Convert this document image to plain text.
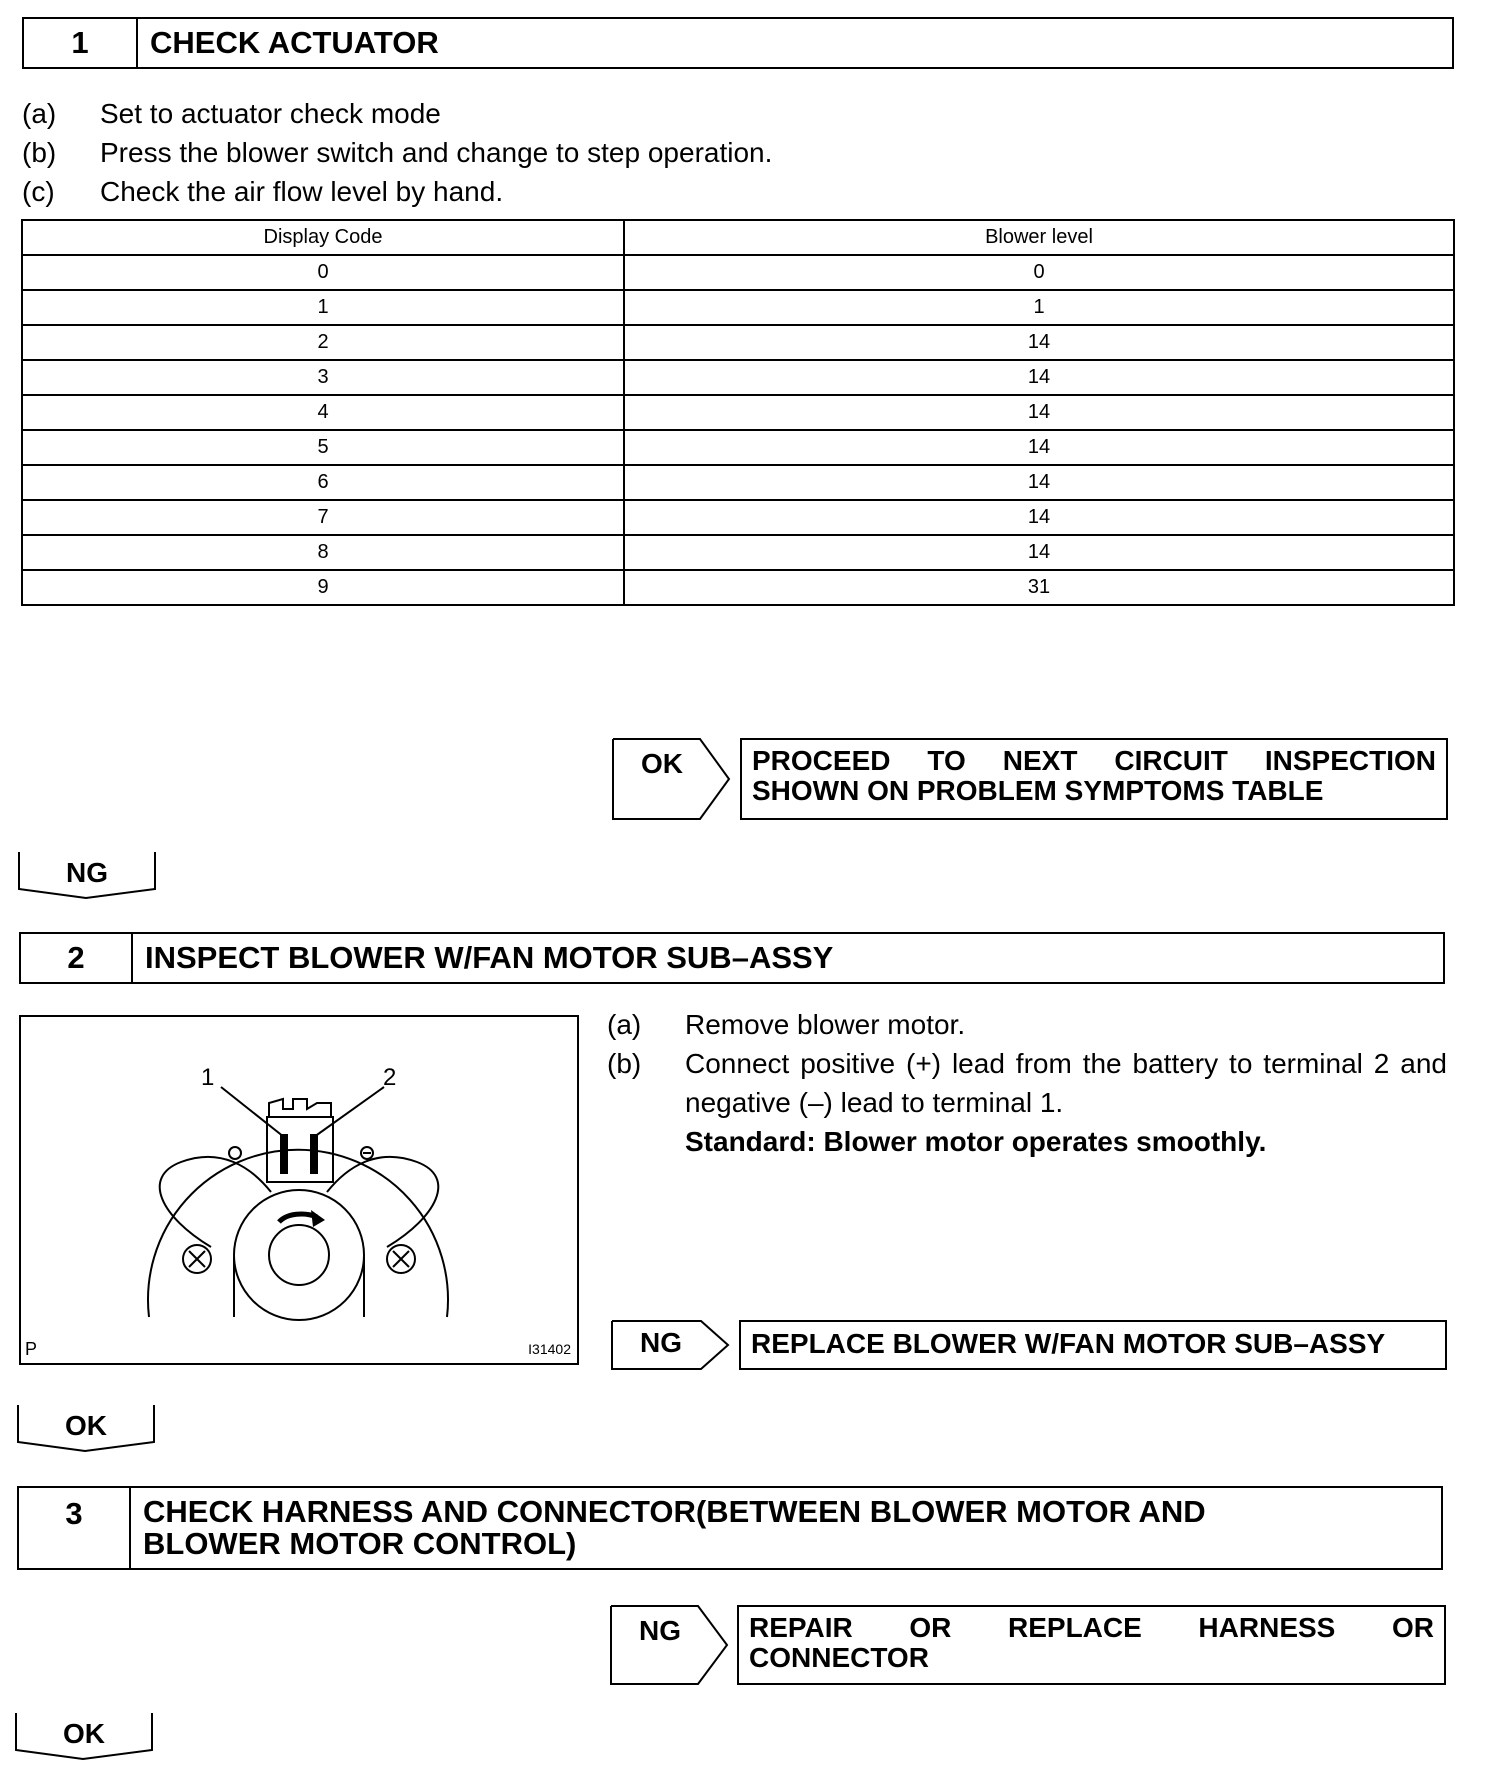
1	CHECK ACTUATOR
(a)	Set to actuator check mode
(b)	Press the blower switch and change to step operation.
(c)	Check the air flow level by hand.
Display Code	Blower level
0	0
1	1
2	14
3	14
4	14
5	14
6	14
7	14
8	14
9	31
OK	PROCEED TO NEXT CIRCUIT INSPECTION
SHOWN ON PROBLEM SYMPTOMS TABLE
NG
2	INSPECT BLOWER W/FAN MOTOR SUB–ASSY
1	2
P	I31402
(a)	Remove blower motor.
(b)	Connect positive (+) lead from the battery to terminal 2 and negative (–) lead to terminal 1.
Standard: Blower motor operates smoothly.
NG	REPLACE BLOWER W/FAN MOTOR SUB–ASSY
OK
3	CHECK HARNESS AND CONNECTOR(BETWEEN BLOWER MOTOR AND
BLOWER MOTOR CONTROL)
NG	REPAIR OR REPLACE HARNESS OR
CONNECTOR
OK
